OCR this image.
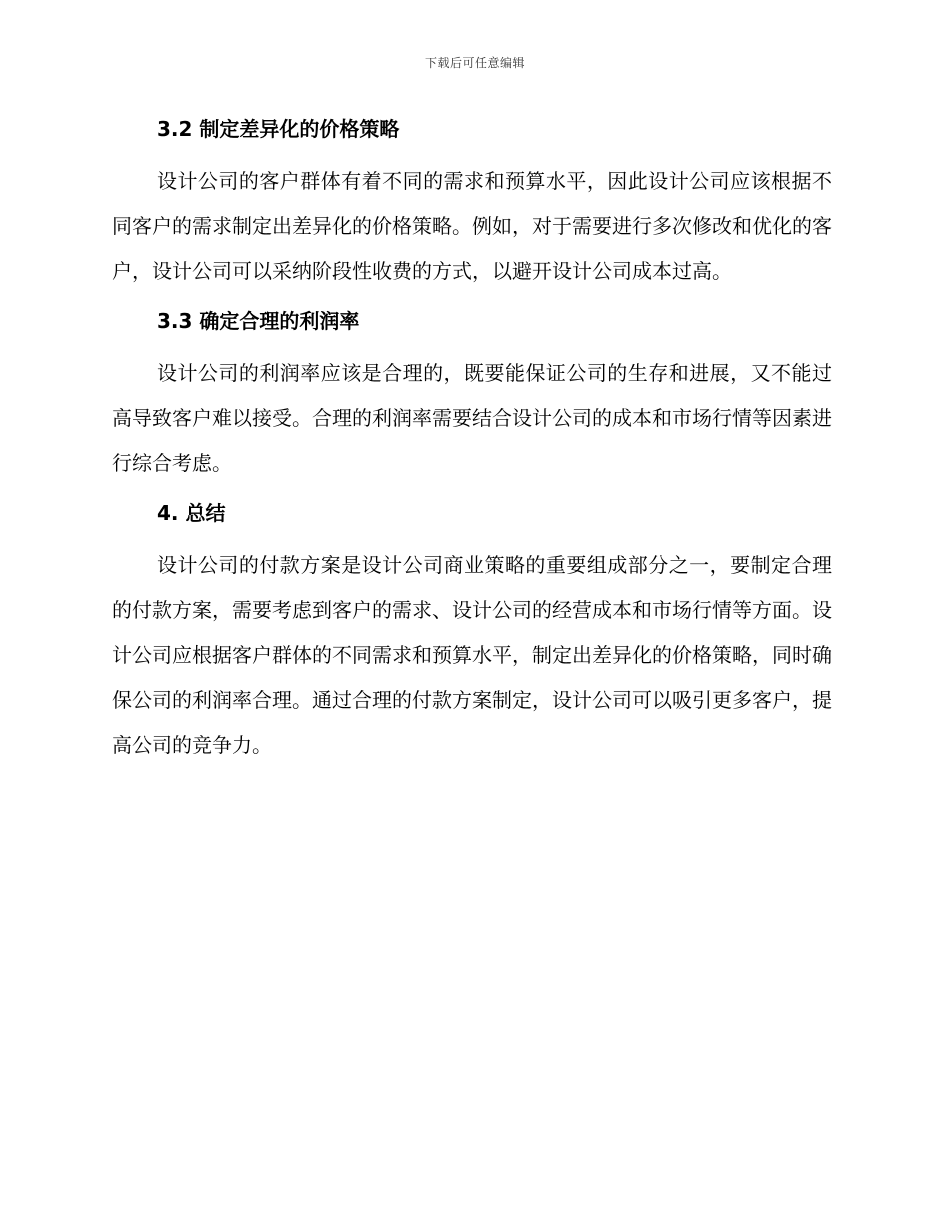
下载后可任意编辑
3.2 制定差异化的价格策略

设计公司的客户群体有着不同的需求和预算水平，因此设计公司应该根据不同客户的需求制定出差异化的价格策略。例如，对于需要进行多次修改和优化的客户，设计公司可以采纳阶段性收费的方式，以避开设计公司成本过高。

3.3 确定合理的利润率

设计公司的利润率应该是合理的，既要能保证公司的生存和进展，又不能过高导致客户难以接受。合理的利润率需要结合设计公司的成本和市场行情等因素进行综合考虑。

4. 总结

设计公司的付款方案是设计公司商业策略的重要组成部分之一，要制定合理的付款方案，需要考虑到客户的需求、设计公司的经营成本和市场行情等方面。设计公司应根据客户群体的不同需求和预算水平，制定出差异化的价格策略，同时确保公司的利润率合理。通过合理的付款方案制定，设计公司可以吸引更多客户，提高公司的竞争力。
